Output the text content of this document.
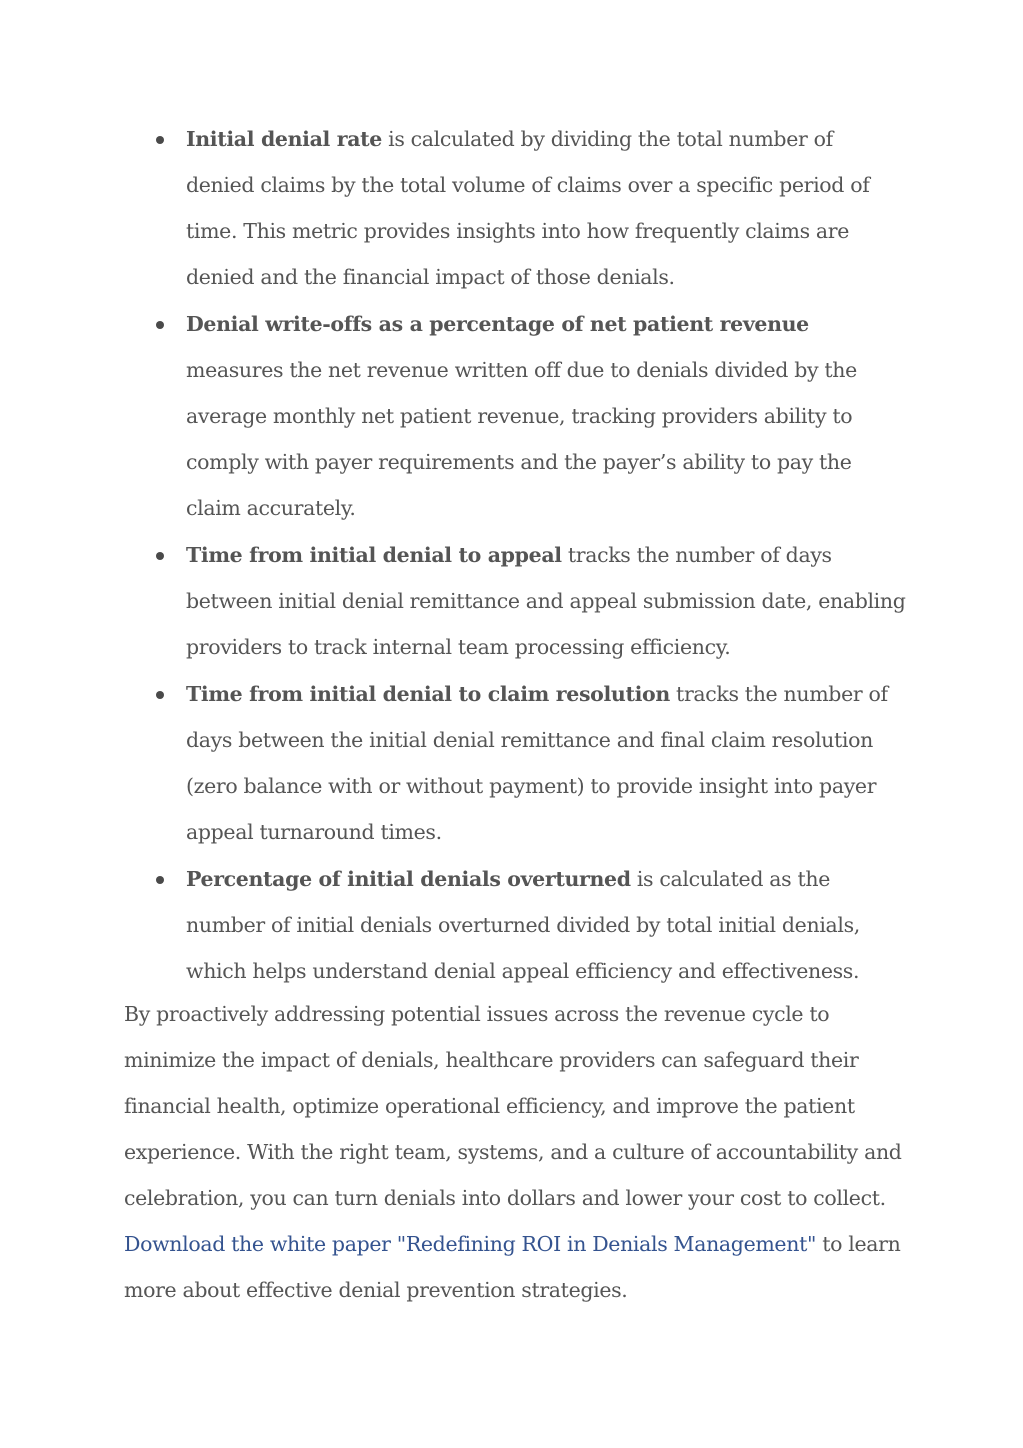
Initial denial rate is calculated by dividing the total number of denied claims by the total volume of claims over a specific period of time. This metric provides insights into how frequently claims are denied and the financial impact of those denials.
Denial write-offs as a percentage of net patient revenue measures the net revenue written off due to denials divided by the average monthly net patient revenue, tracking providers ability to comply with payer requirements and the payer’s ability to pay the claim accurately.
Time from initial denial to appeal tracks the number of days between initial denial remittance and appeal submission date, enabling providers to track internal team processing efficiency.
Time from initial denial to claim resolution tracks the number of days between the initial denial remittance and final claim resolution (zero balance with or without payment) to provide insight into payer appeal turnaround times.
Percentage of initial denials overturned is calculated as the number of initial denials overturned divided by total initial denials, which helps understand denial appeal efficiency and effectiveness.

By proactively addressing potential issues across the revenue cycle to minimize the impact of denials, healthcare providers can safeguard their financial health, optimize operational efficiency, and improve the patient experience. With the right team, systems, and a culture of accountability and celebration, you can turn denials into dollars and lower your cost to collect. Download the white paper "Redefining ROI in Denials Management" to learn more about effective denial prevention strategies.
